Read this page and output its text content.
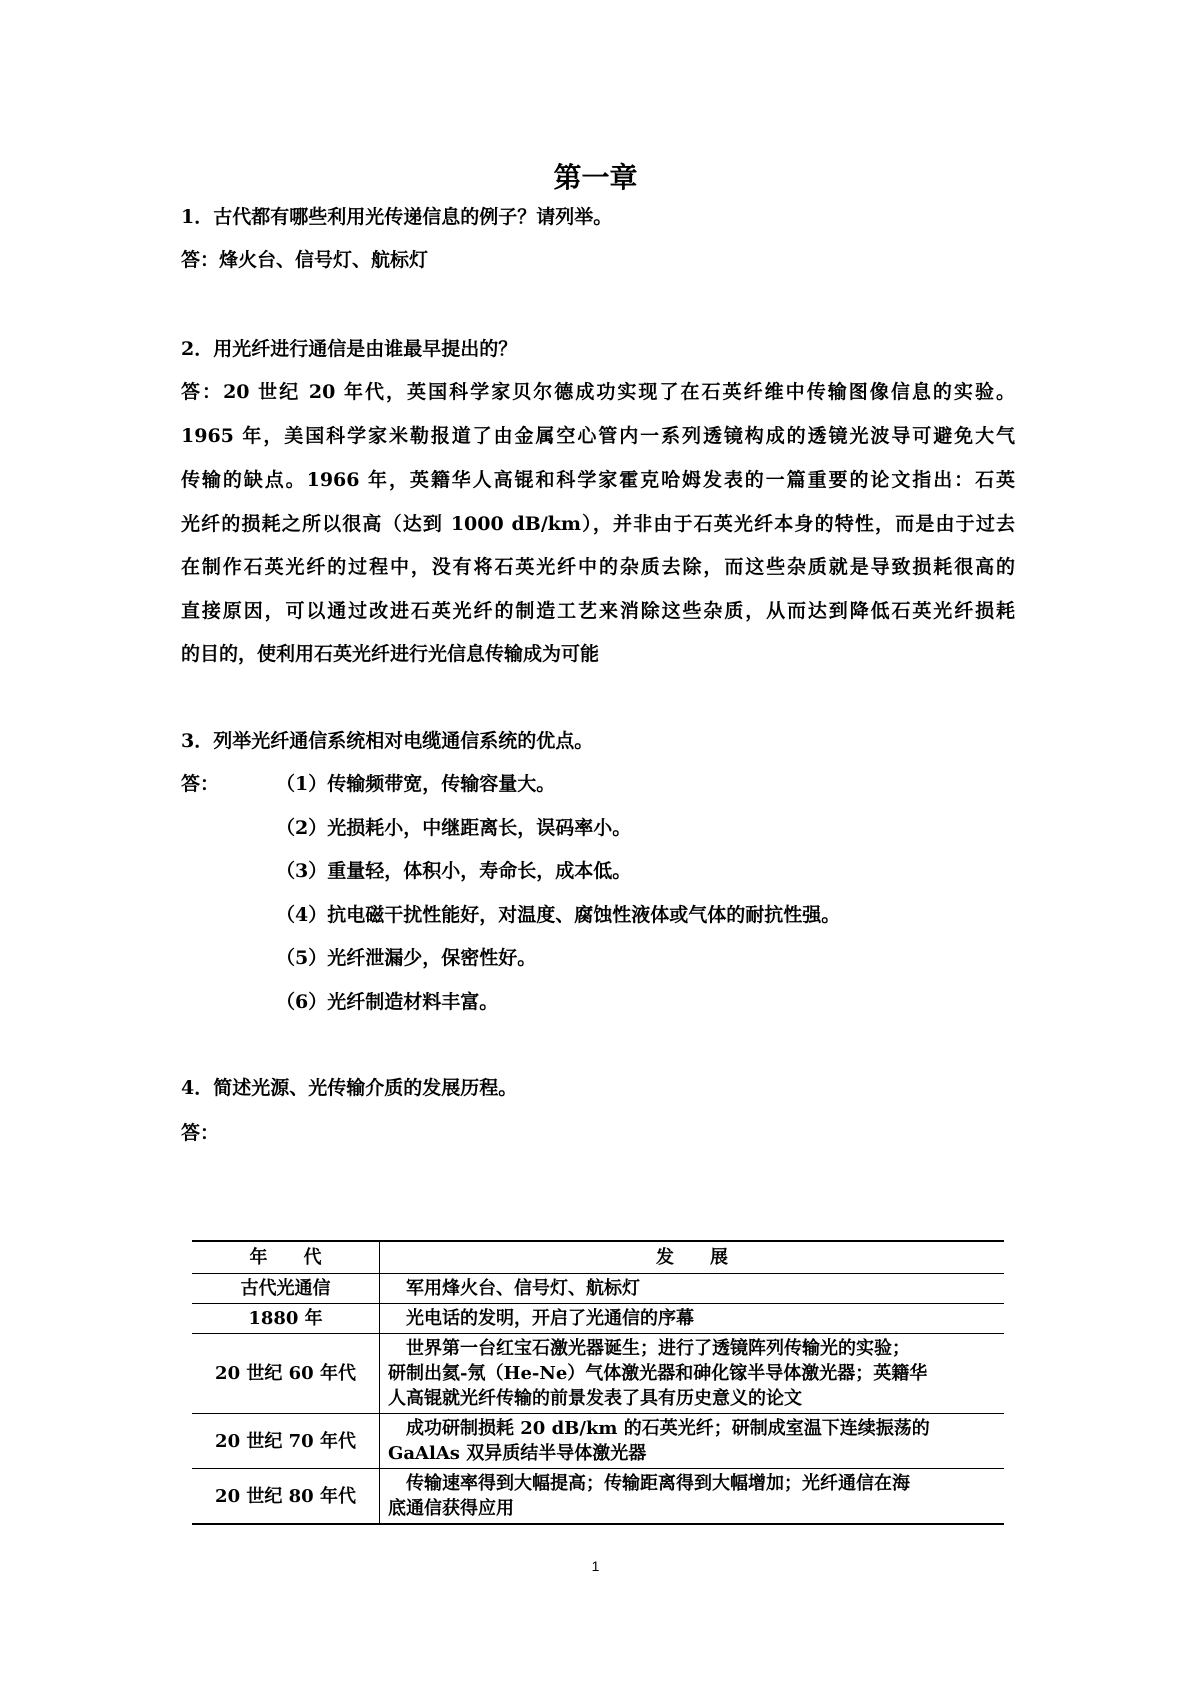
第一章
1．古代都有哪些利用光传递信息的例子？请列举。
答：烽火台、信号灯、航标灯
2．用光纤进行通信是由谁最早提出的？
答：20 世纪 20 年代，英国科学家贝尔德成功实现了在石英纤维中传输图像信息的实验。
1965 年，美国科学家米勒报道了由金属空心管内一系列透镜构成的透镜光波导可避免大气
传输的缺点。1966 年，英籍华人高锟和科学家霍克哈姆发表的一篇重要的论文指出：石英
光纤的损耗之所以很高（达到 1000 dB/km），并非由于石英光纤本身的特性，而是由于过去
在制作石英光纤的过程中，没有将石英光纤中的杂质去除，而这些杂质就是导致损耗很高的
直接原因，可以通过改进石英光纤的制造工艺来消除这些杂质，从而达到降低石英光纤损耗
的目的，使利用石英光纤进行光信息传输成为可能
3．列举光纤通信系统相对电缆通信系统的优点。
答：	（1）传输频带宽，传输容量大。
（2）光损耗小，中继距离长，误码率小。
（3）重量轻，体积小，寿命长，成本低。
（4）抗电磁干扰性能好，对温度、腐蚀性液体或气体的耐抗性强。
（5）光纤泄漏少，保密性好。
（6）光纤制造材料丰富。
4．简述光源、光传输介质的发展历程。
答：
年　　代	发　　展
古代光通信	　军用烽火台、信号灯、航标灯
1880 年	　光电话的发明，开启了光通信的序幕
20 世纪 60 年代	　世界第一台红宝石激光器诞生；进行了透镜阵列传输光的实验；
研制出氦-氖（He-Ne）气体激光器和砷化镓半导体激光器；英籍华
人高锟就光纤传输的前景发表了具有历史意义的论文
20 世纪 70 年代	　成功研制损耗 20 dB/km 的石英光纤；研制成室温下连续振荡的
GaAlAs 双异质结半导体激光器
20 世纪 80 年代	　传输速率得到大幅提高；传输距离得到大幅增加；光纤通信在海
底通信获得应用
1
